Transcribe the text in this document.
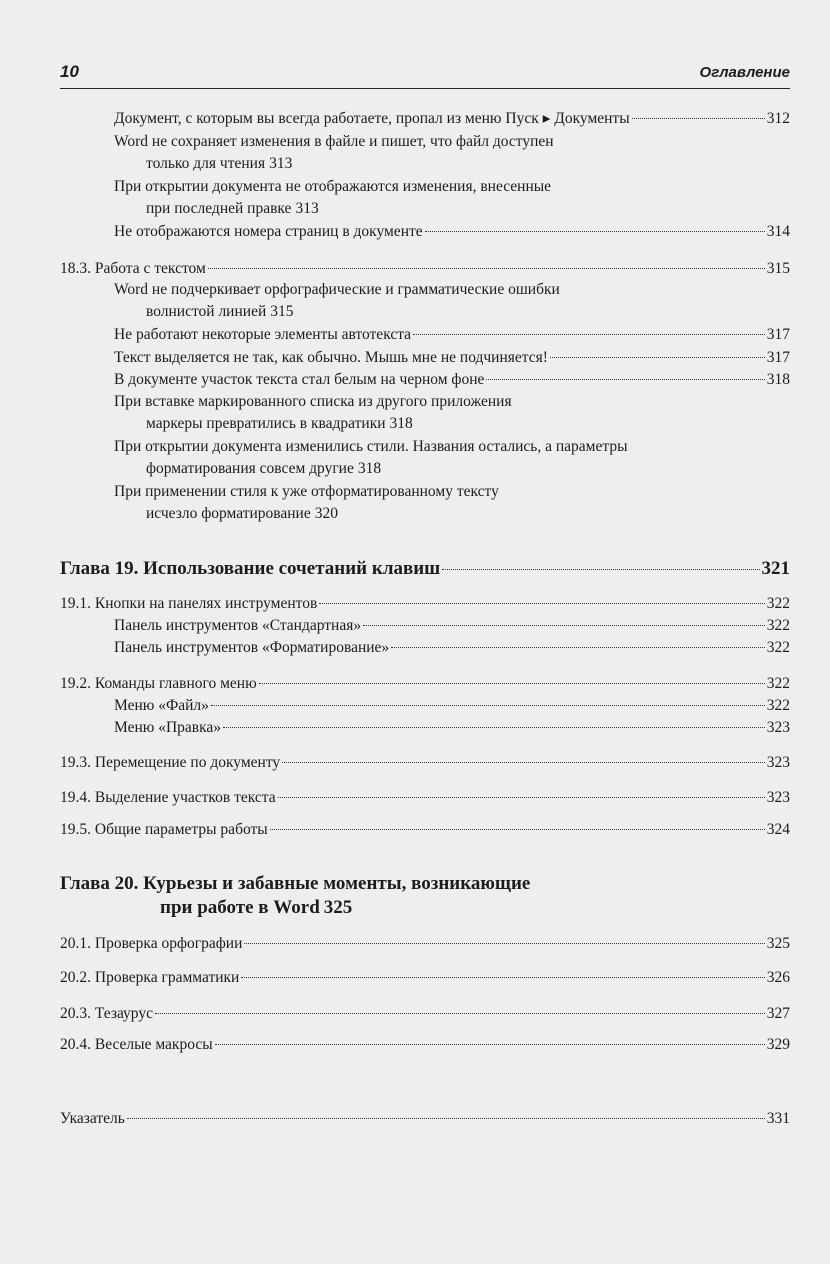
10	Оглавление
Документ, с которым вы всегда работаете, пропал из меню Пуск ▸ Документы	312
Word не сохраняет изменения в файле и пишет, что файл доступен
только для чтения 313
При открытии документа не отображаются изменения, внесенные
при последней правке 313
Не отображаются номера страниц в документе	314
18.3. Работа с текстом	315
Word не подчеркивает орфографические и грамматические ошибки
волнистой линией 315
Не работают некоторые элементы автотекста	317
Текст выделяется не так, как обычно. Мышь мне не подчиняется!	317
В документе участок текста стал белым на черном фоне	318
При вставке маркированного списка из другого приложения
маркеры превратились в квадратики 318
При открытии документа изменились стили. Названия остались, а параметры
форматирования совсем другие 318
При применении стиля к уже отформатированному тексту
исчезло форматирование 320
Глава 19. Использование сочетаний клавиш	321
19.1. Кнопки на панелях инструментов	322
Панель инструментов «Стандартная»	322
Панель инструментов «Форматирование»	322
19.2. Команды главного меню	322
Меню «Файл»	322
Меню «Правка»	323
19.3. Перемещение по документу	323
19.4. Выделение участков текста	323
19.5. Общие параметры работы	324
Глава 20. Курьезы и забавные моменты, возникающие
при работе в Word 325
20.1. Проверка орфографии	325
20.2. Проверка грамматики	326
20.3. Тезаурус	327
20.4. Веселые макросы	329
Указатель	331
